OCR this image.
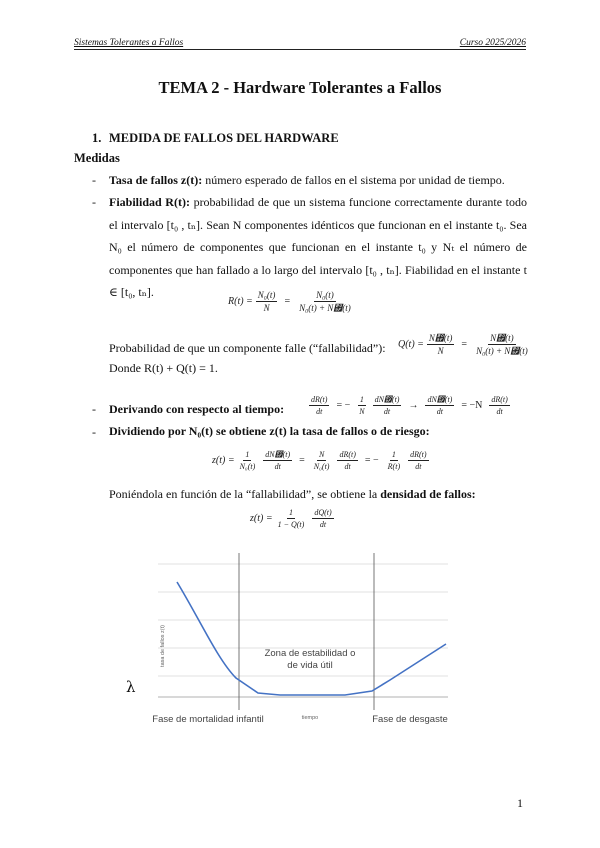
Sistemas Tolerantes a Fallos	Curso 2025/2026
TEMA 2 - Hardware Tolerantes a Fallos
1. MEDIDA DE FALLOS DEL HARDWARE
Medidas
- Tasa de fallos z(t): número esperado de fallos en el sistema por unidad de tiempo.
- Fiabilidad R(t): probabilidad de que un sistema funcione correctamente durante todo el intervalo [t₀ , tₙ]. Sean N componentes idénticos que funcionan en el instante t₀. Sea N₀ el número de componentes que funcionan en el instante t₀ y Nₜ el número de componentes que han fallado a lo largo del intervalo [t₀ , tₙ]. Fiabilidad en el instante t ∈ [t₀, tₙ].
$R(t) = \frac{\text{N₀(t)}}{N} = \frac{\text{N₀(t)}}{\text{N₀(t) + N₟(t)}}$
Probabilidad de que un componente falle (“fallabilidad”): $Q(t) = \frac{N₟(t)}{N} = \frac{N₟(t)}{\text{N₀(t) + N₟(t)}}$
Donde R(t) + Q(t) = 1.
- Derivando con respecto al tiempo:	$\frac{dR(t)}{dt}$ = − $\frac{1}{N} \frac{dN₟(t)}{dt} \to \frac{dN₟(t)}{dt} = -N \frac{dR(t)}{dt}$
- Dividiendo por N₀(t) se obtiene z(t) la tasa de fallos o de riesgo:
$z(t) = \frac{1}{\text{N₀(t)}} \frac{dN₟(t)}{dt} = \frac{N}{\text{N₀(t)}} \frac{dR(t)}{dt}$ = − $\frac{1}{R(t)} \frac{dR(t)}{dt}$
Poniéndola en función de la “fallabilidad”, se obtiene la densidad de fallos:
$z(t) = \frac{1}{1 - Q(t)} \frac{dQ(t)}{dt}$
tasa de fallos z(t)	Zona de estabilidad o
de vida útil
tiempo
Fase de mortalidad infantil	Fase de desgaste
λ
1
